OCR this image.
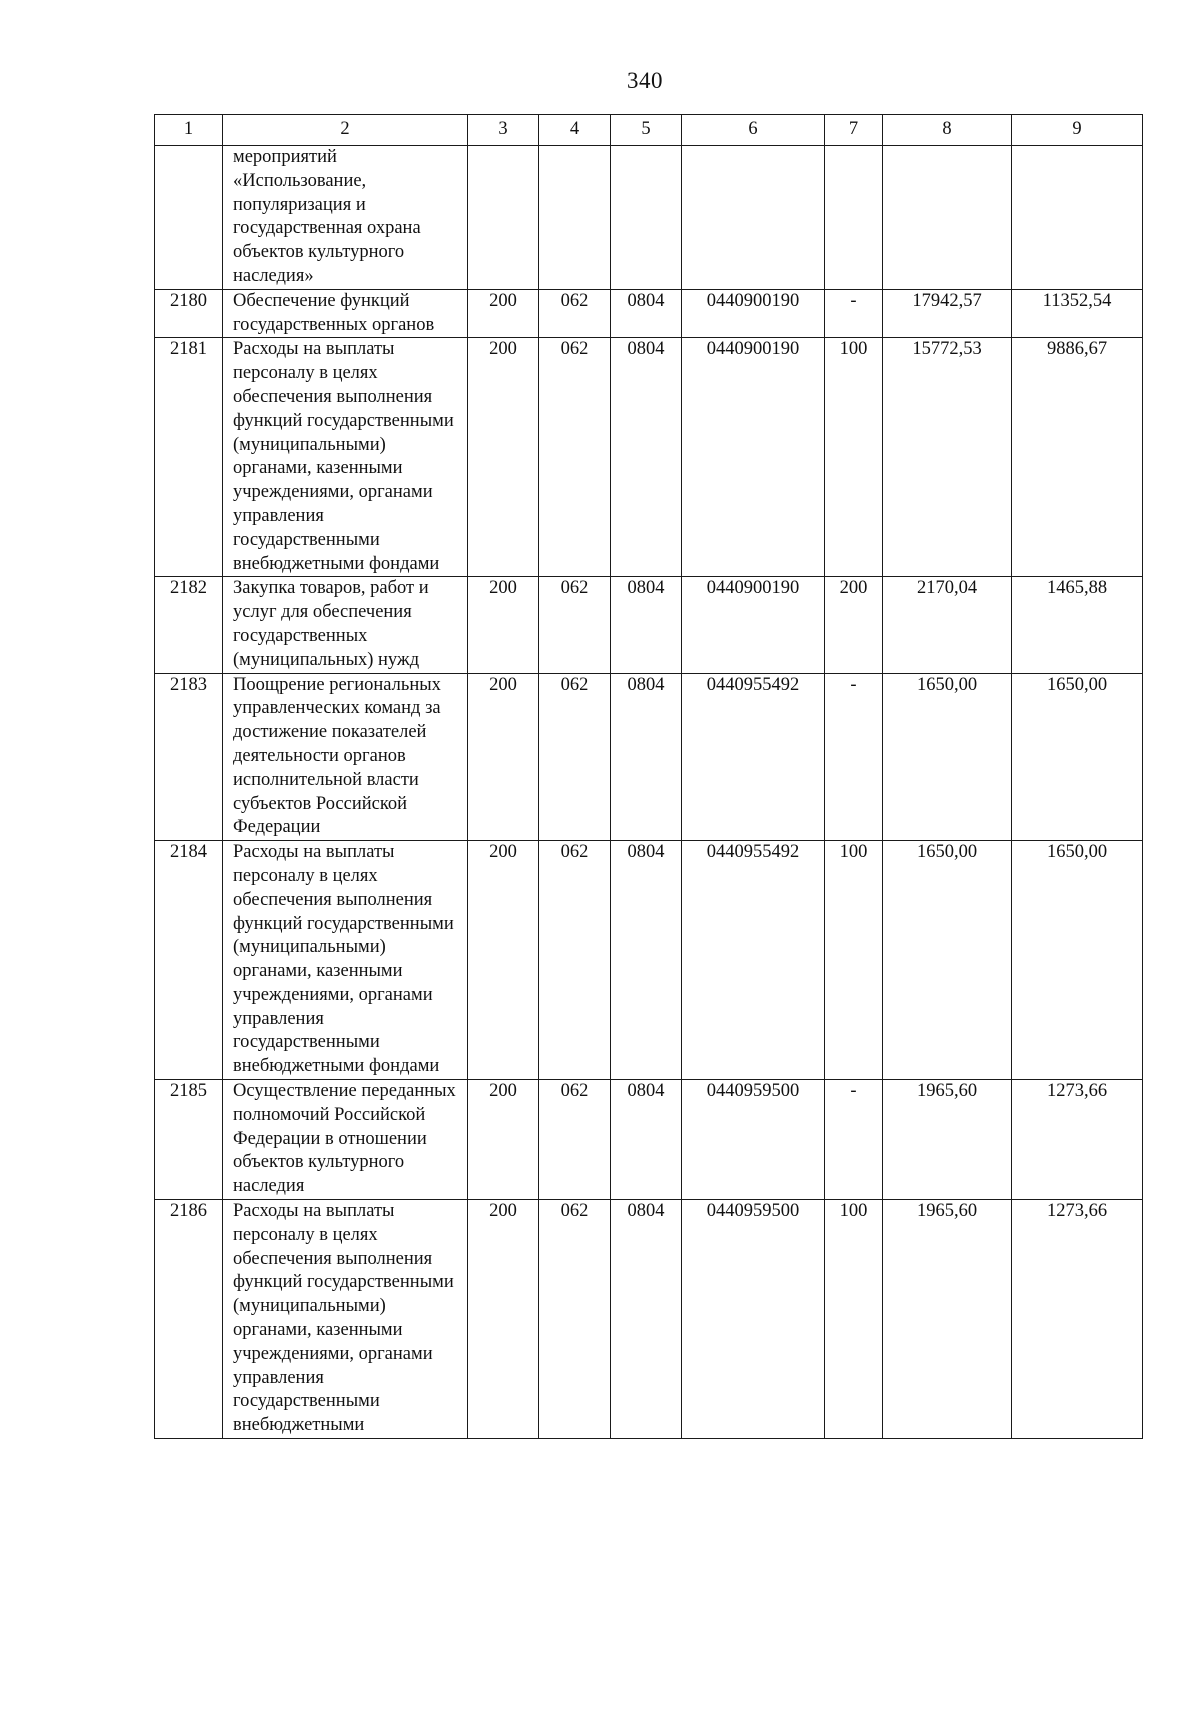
340
1	2	3	4	5	6	7	8	9
	мероприятий «Использование, популяризация и государственная охрана объектов культурного наследия»							
2180	Обеспечение функций государственных органов	200	062	0804	0440900190	-	17942,57	11352,54
2181	Расходы на выплаты персоналу в целях обеспечения выполнения функций государственными (муниципальными) органами, казенными учреждениями, органами управления государственными внебюджетными фондами	200	062	0804	0440900190	100	15772,53	9886,67
2182	Закупка товаров, работ и услуг для обеспечения государственных (муниципальных) нужд	200	062	0804	0440900190	200	2170,04	1465,88
2183	Поощрение региональных управленческих команд за достижение показателей деятельности органов исполнительной власти субъектов Российской Федерации	200	062	0804	0440955492	-	1650,00	1650,00
2184	Расходы на выплаты персоналу в целях обеспечения выполнения функций государственными (муниципальными) органами, казенными учреждениями, органами управления государственными внебюджетными фондами	200	062	0804	0440955492	100	1650,00	1650,00
2185	Осуществление переданных полномочий Российской Федерации в отношении объектов культурного наследия	200	062	0804	0440959500	-	1965,60	1273,66
2186	Расходы на выплаты персоналу в целях обеспечения выполнения функций государственными (муниципальными) органами, казенными учреждениями, органами управления государственными внебюджетными	200	062	0804	0440959500	100	1965,60	1273,66
